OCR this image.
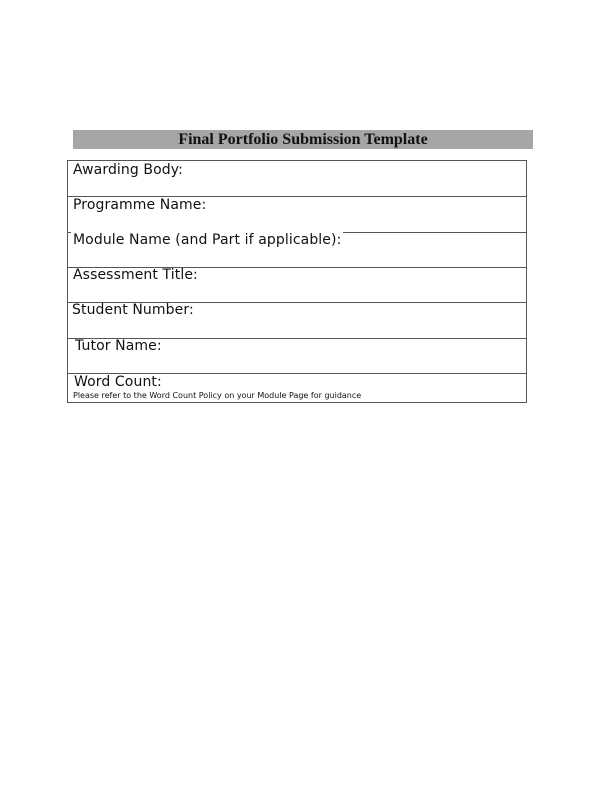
Final Portfolio Submission Template
Awarding Body:
Programme Name:
Module Name (and Part if applicable):
Assessment Title:
Student Number:
Tutor Name:
Word Count:
Please refer to the Word Count Policy on your Module Page for guidance
